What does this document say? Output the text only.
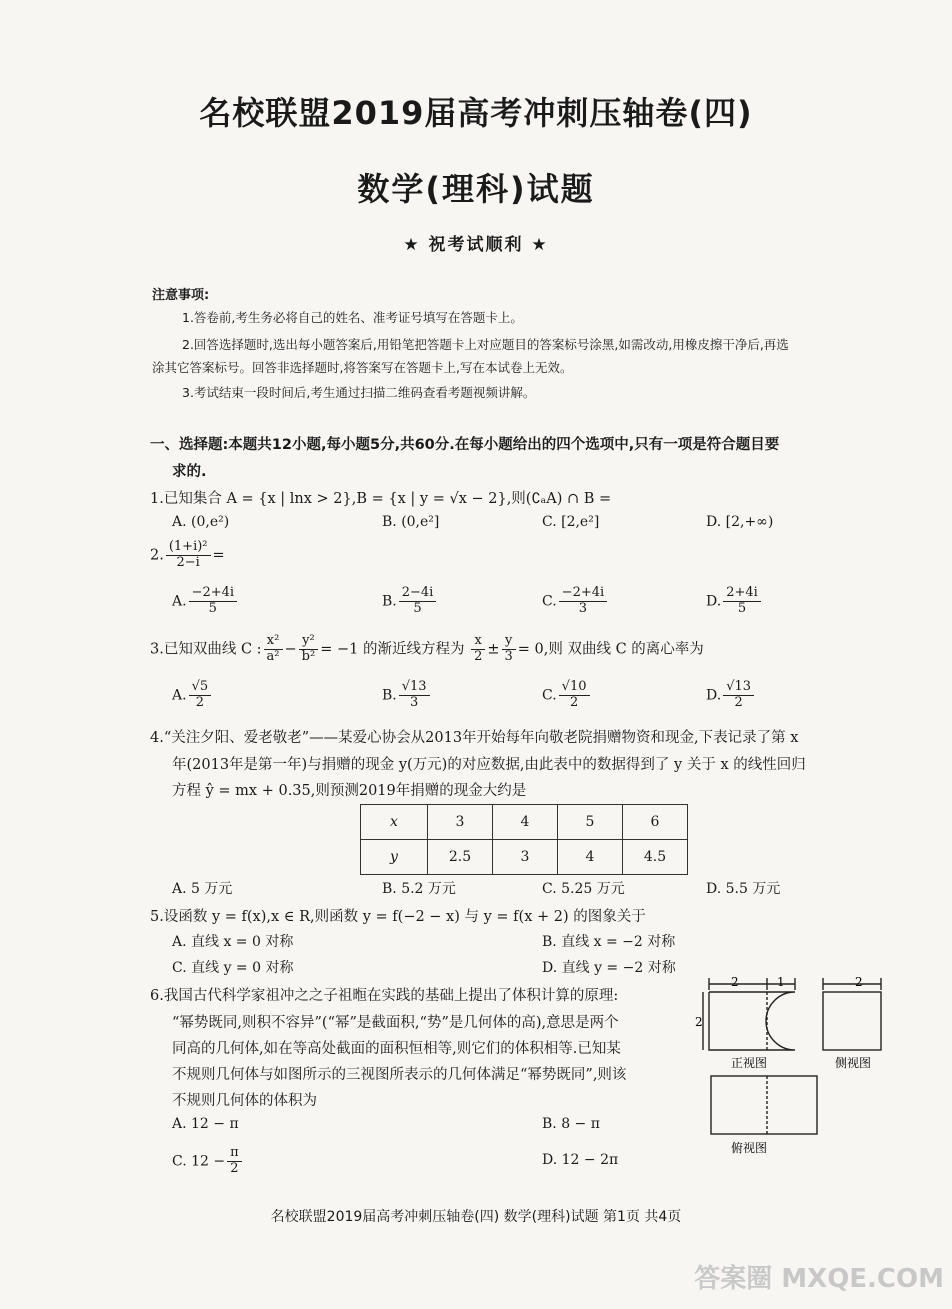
名校联盟2019届高考冲刺压轴卷(四)
数学(理科)试题
★ 祝考试顺利 ★
注意事项:
1.答卷前,考生务必将自己的姓名、准考证号填写在答题卡上。
2.回答选择题时,选出每小题答案后,用铅笔把答题卡上对应题目的答案标号涂黑,如需改动,用橡皮擦干净后,再选
涂其它答案标号。回答非选择题时,将答案写在答题卡上,写在本试卷上无效。
3.考试结束一段时间后,考生通过扫描二维码查看考题视频讲解。
一、选择题:本题共12小题,每小题5分,共60分.在每小题给出的四个选项中,只有一项是符合题目要
求的.
1.已知集合 A = {x | lnx > 2},B = {x | y = √x − 2},则(∁ₐA) ∩ B =
A. (0,e²)	B. (0,e²]	C. [2,e²]	D. [2,+∞)
2. $\frac{\text{(1+i)²}}{2-i}$ =
A. $\frac{-2+4i}{5}$	B. $\frac{2-4i}{5}$	C. $\frac{-2+4i}{3}$	D. $\frac{2+4i}{5}$
3.已知双曲线 C : $\frac{\text{x²}}{\text{a²}} - \frac{\text{y²}}{\text{b²}} = -1$ 的渐近线方程为 $\frac{x}{2} \pm \frac{y}{3} = 0$,则 双曲线 C 的离心率为
A. $\frac{√5}{2}$	B. $\frac{√13}{3}$	C. $\frac{√10}{2}$	D. $\frac{√13}{2}$
4.“关注夕阳、爱老敬老”——某爱心协会从2013年开始每年向敬老院捐赠物资和现金,下表记录了第 x
年(2013年是第一年)与捐赠的现金 y(万元)的对应数据,由此表中的数据得到了 y 关于 x 的线性回归
方程 ŷ = mx + 0.35,则预测2019年捐赠的现金大约是
x	3	4	5	6
y	2.5	3	4	4.5
A. 5 万元	B. 5.2 万元	C. 5.25 万元	D. 5.5 万元
5.设函数 y = f(x),x ∈ R,则函数 y = f(−2 − x) 与 y = f(x + 2) 的图象关于
A. 直线 x = 0 对称	B. 直线 x = −2 对称
C. 直线 y = 0 对称	D. 直线 y = −2 对称
6.我国古代科学家祖冲之之子祖暅在实践的基础上提出了体积计算的原理:
“幂势既同,则积不容异”(“幂”是截面积,“势”是几何体的高),意思是两个
同高的几何体,如在等高处截面的面积恒相等,则它们的体积相等.已知某
不规则几何体与如图所示的三视图所表示的几何体满足“幂势既同”,则该
不规则几何体的体积为
A. 12 − π	B. 8 − π
C. $12 - \frac{\pi}{2}$	D. 12 − 2π
2	1
2
正视图
2
侧视图
俯视图
名校联盟2019届高考冲刺压轴卷(四) 数学(理科)试题 第1页 共4页
答案圈 MXQE.COM
